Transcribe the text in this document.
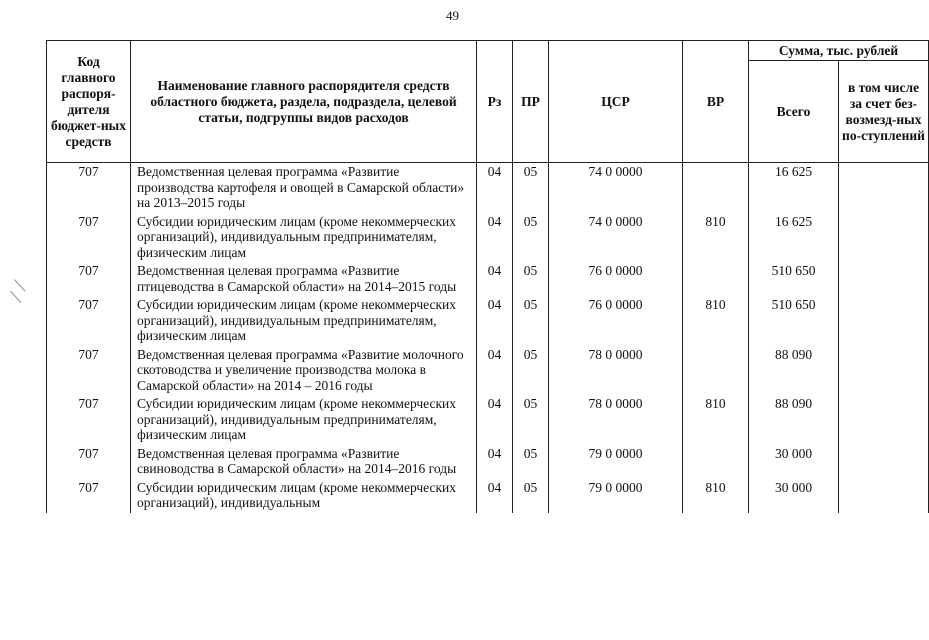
49
Код главного распоря-дителя бюджет-ных средств	Наименование главного распорядителя средств областного бюджета, раздела, подраздела, целевой статьи, подгруппы видов расходов	Рз	ПР	ЦСР	ВР	Сумма, тыс. рублей	
						Всего	в том числе за счет без-возмезд-ных по-ступлений
707	Ведомственная целевая программа «Развитие производства картофеля и овощей в Самарской области» на 2013–2015 годы	04	05	74 0 0000		16 625	
707	Субсидии юридическим лицам (кроме некоммерческих организаций), индивидуальным предпринимателям, физическим лицам	04	05	74 0 0000	810	16 625	
707	Ведомственная целевая программа «Развитие птицеводства в Самарской области» на 2014–2015 годы	04	05	76 0 0000		510 650	
707	Субсидии юридическим лицам (кроме некоммерческих организаций), индивидуальным предпринимателям, физическим лицам	04	05	76 0 0000	810	510 650	
707	Ведомственная целевая программа «Развитие молочного скотоводства и увеличение производства молока в Самарской области» на 2014 – 2016 годы	04	05	78 0 0000		88 090	
707	Субсидии юридическим лицам (кроме некоммерческих организаций), индивидуальным предпринимателям, физическим лицам	04	05	78 0 0000	810	88 090	
707	Ведомственная целевая программа «Развитие свиноводства в Самарской области» на 2014–2016 годы	04	05	79 0 0000		30 000	
707	Субсидии юридическим лицам (кроме некоммерческих организаций), индивидуальным	04	05	79 0 0000	810	30 000	
╱ ╱
